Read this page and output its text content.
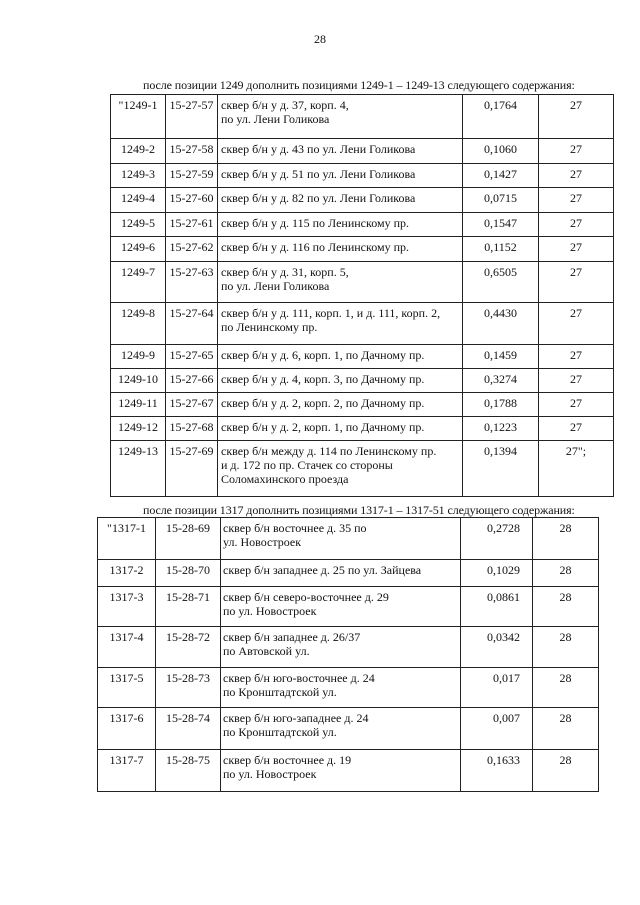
28
после позиции 1249 дополнить позициями 1249-1 – 1249-13 следующего содержания:
"1249-1	15-27-57	сквер б/н у д. 37, корп. 4,
по ул. Лени Голикова	0,1764	27
1249-2	15-27-58	сквер б/н у д. 43 по ул. Лени Голикова	0,1060	27
1249-3	15-27-59	сквер б/н у д. 51 по ул. Лени Голикова	0,1427	27
1249-4	15-27-60	сквер б/н у д. 82 по ул. Лени Голикова	0,0715	27
1249-5	15-27-61	сквер б/н у д. 115 по Ленинскому пр.	0,1547	27
1249-6	15-27-62	сквер б/н у д. 116 по Ленинскому пр.	0,1152	27
1249-7	15-27-63	сквер б/н у д. 31, корп. 5,
по ул. Лени Голикова	0,6505	27
1249-8	15-27-64	сквер б/н у д. 111, корп. 1, и д. 111, корп. 2,
по Ленинскому пр.	0,4430	27
1249-9	15-27-65	сквер б/н у д. 6, корп. 1, по Дачному пр.	0,1459	27
1249-10	15-27-66	сквер б/н у д. 4, корп. 3, по Дачному пр.	0,3274	27
1249-11	15-27-67	сквер б/н у д. 2, корп. 2, по Дачному пр.	0,1788	27
1249-12	15-27-68	сквер б/н у д. 2, корп. 1, по Дачному пр.	0,1223	27
1249-13	15-27-69	сквер б/н между д. 114 по Ленинскому пр.
и д. 172 по пр. Стачек со стороны
Соломахинского проезда	0,1394	27";
после позиции 1317 дополнить позициями 1317-1 – 1317-51 следующего содержания:
"1317-1	15-28-69	сквер б/н восточнее д. 35 по
ул. Новостроек	0,2728	28
1317-2	15-28-70	сквер б/н западнее д. 25 по ул. Зайцева	0,1029	28
1317-3	15-28-71	сквер б/н северо-восточнее д. 29
по ул. Новостроек	0,0861	28
1317-4	15-28-72	сквер б/н западнее д. 26/37
по Автовской ул.	0,0342	28
1317-5	15-28-73	сквер б/н юго-восточнее д. 24
по Кронштадтской ул.	0,017	28
1317-6	15-28-74	сквер б/н юго-западнее д. 24
по Кронштадтской ул.	0,007	28
1317-7	15-28-75	сквер б/н восточнее д. 19
по ул. Новостроек	0,1633	28
